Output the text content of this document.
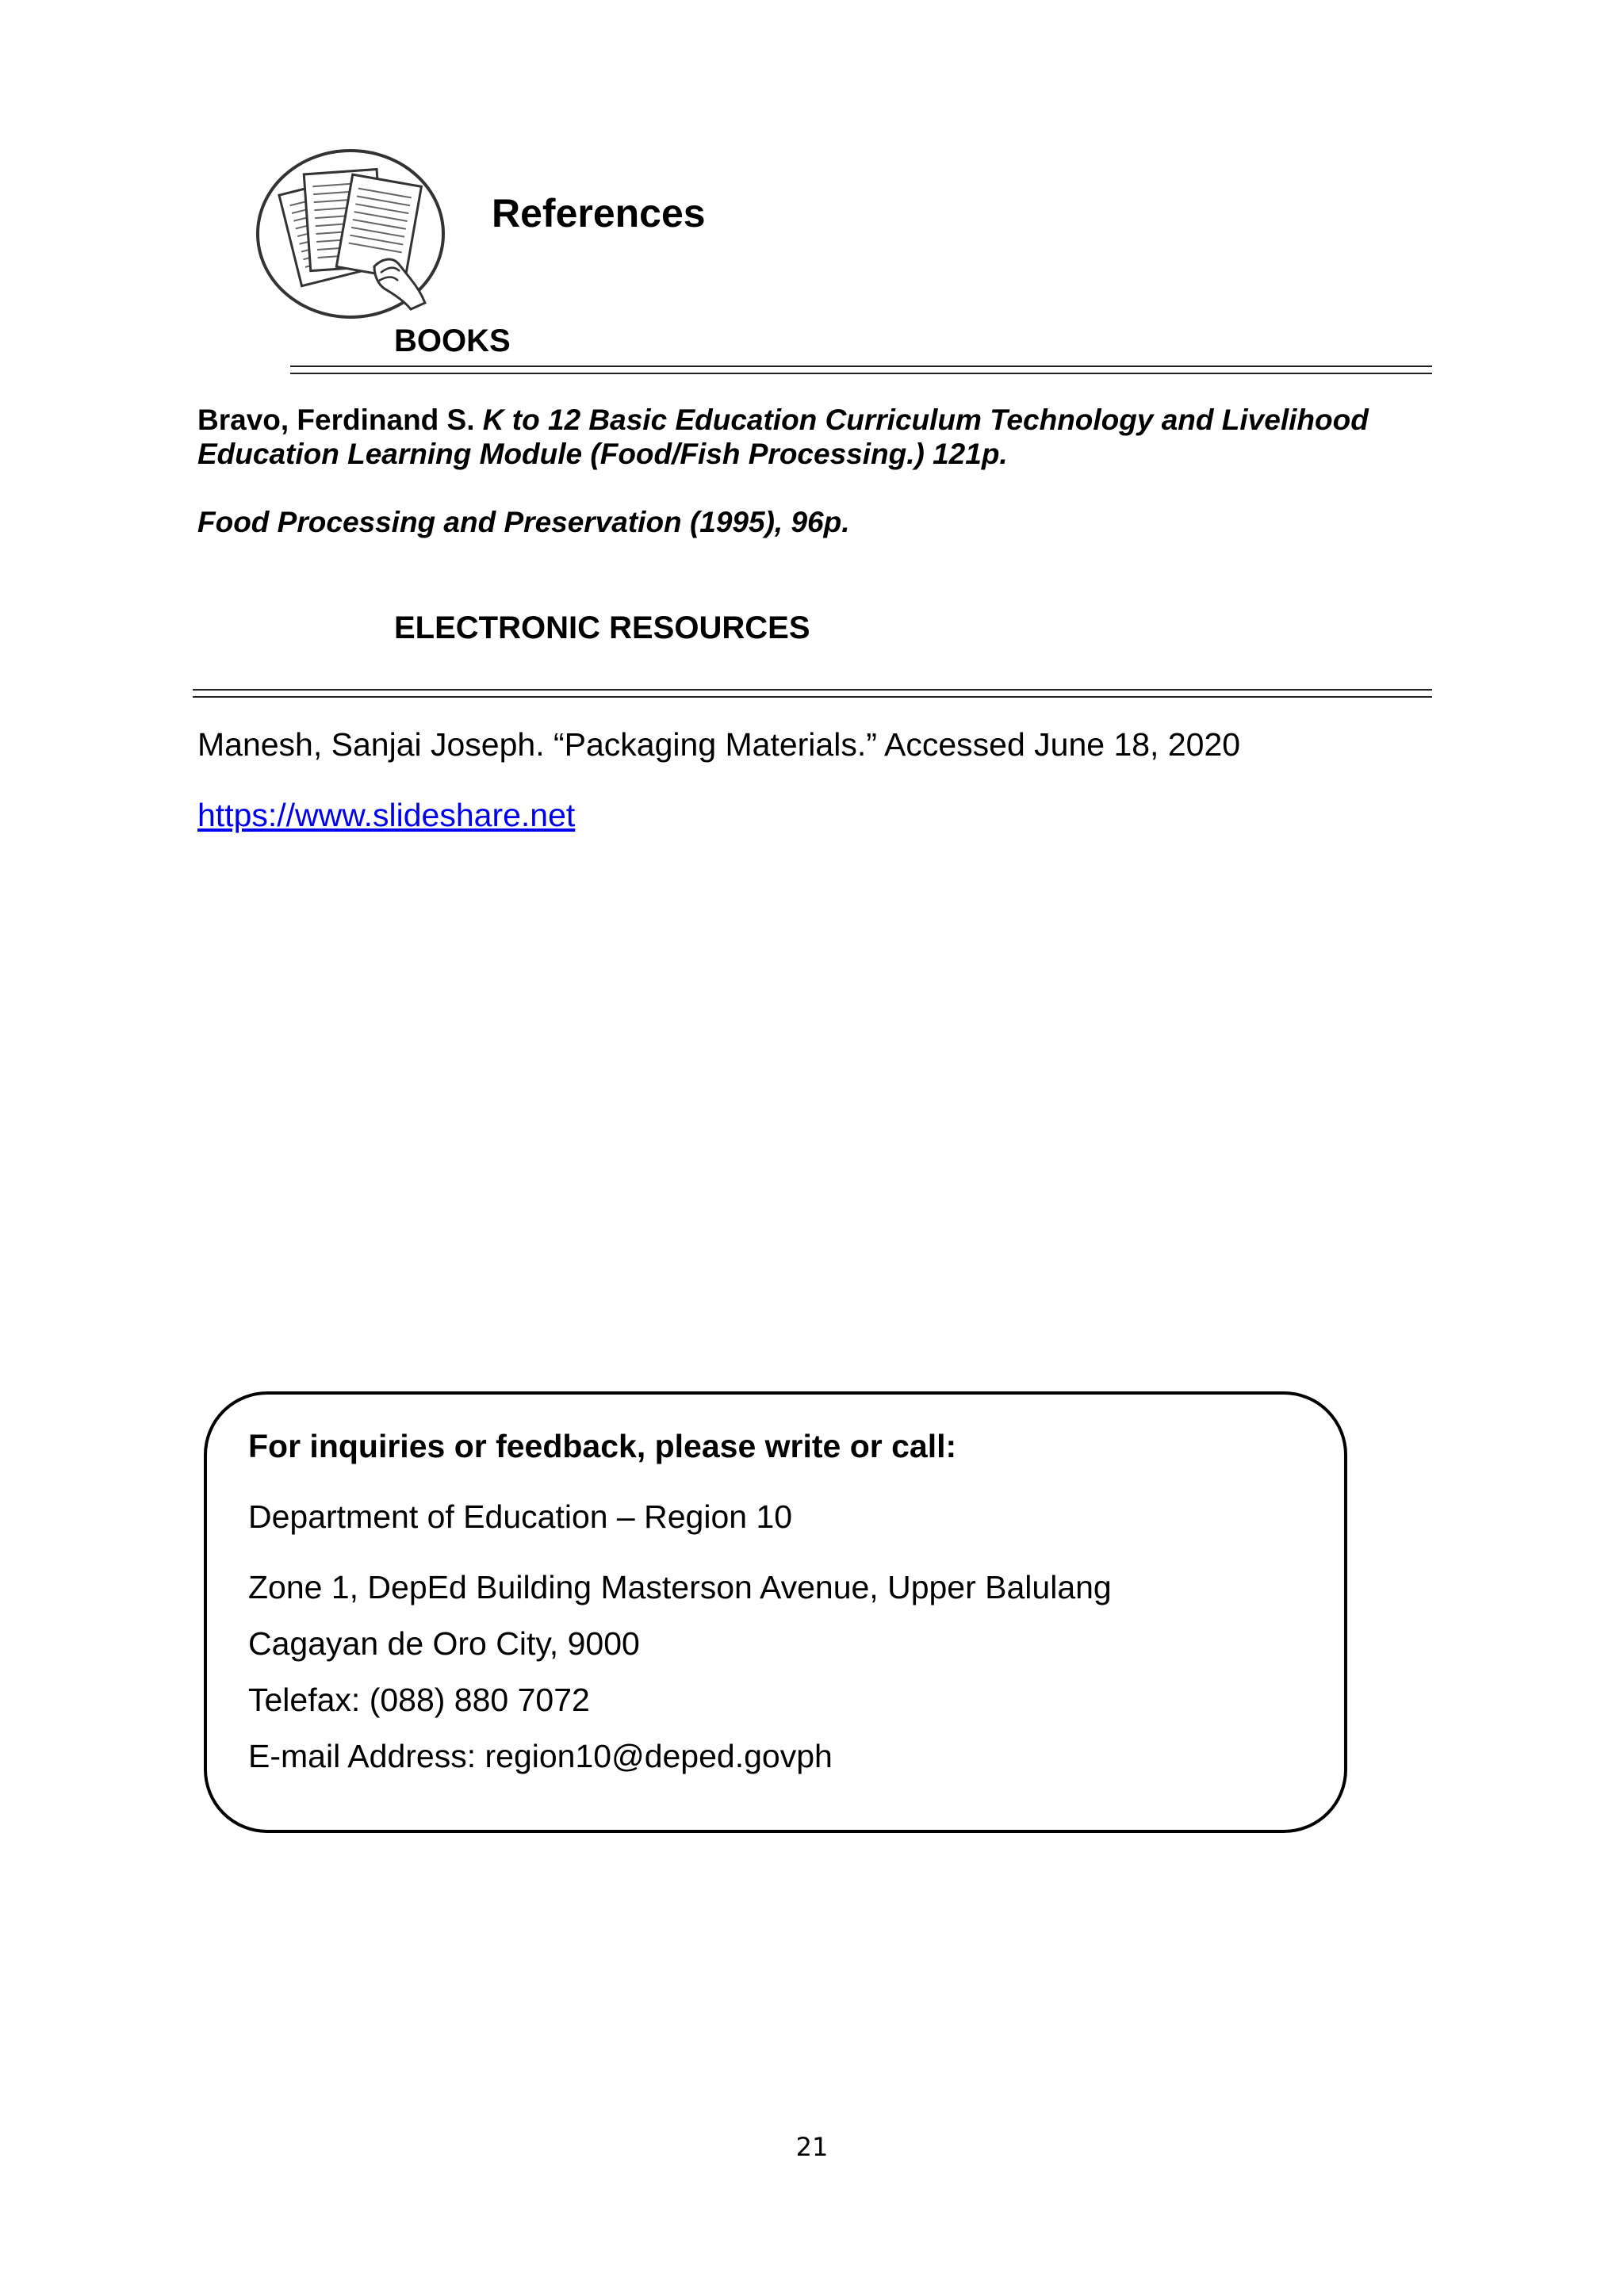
References
BOOKS
Bravo, Ferdinand S. K to 12 Basic Education Curriculum Technology and Livelihood Education Learning Module (Food/Fish Processing.) 121p.
Food Processing and Preservation (1995), 96p.
ELECTRONIC RESOURCES
Manesh, Sanjai Joseph. “Packaging Materials.” Accessed June 18, 2020
https://www.slideshare.net
For inquiries or feedback, please write or call:
Department of Education – Region 10
Zone 1, DepEd Building Masterson Avenue, Upper Balulang
Cagayan de Oro City, 9000
Telefax: (088) 880 7072
E-mail Address: region10@deped.govph
21
